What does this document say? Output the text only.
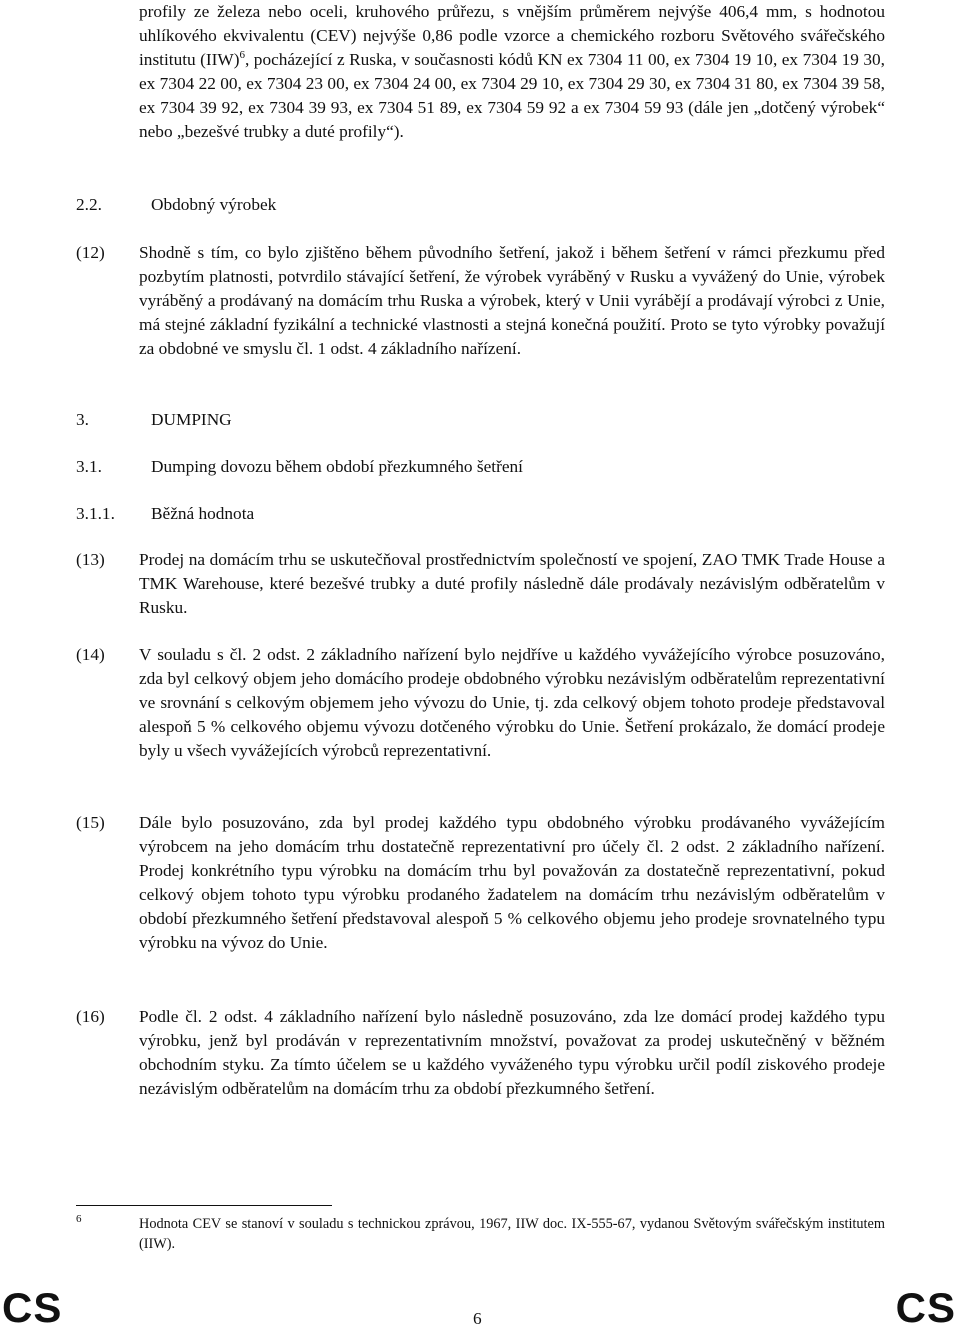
profily ze železa nebo oceli, kruhového průřezu, s vnějším průměrem nejvýše 406,4 mm, s hodnotou uhlíkového ekvivalentu (CEV) nejvýše 0,86 podle vzorce a chemického rozboru Světového svářečského institutu (IIW)$^6$, pocházející z Ruska, v současnosti kódů KN ex 7304 11 00, ex 7304 19 10, ex 7304 19 30, ex 7304 22 00, ex 7304 23 00, ex 7304 24 00, ex 7304 29 10, ex 7304 29 30, ex 7304 31 80, ex 7304 39 58, ex 7304 39 92, ex 7304 39 93, ex 7304 51 89, ex 7304 59 92 a ex 7304 59 93 (dále jen „dotčený výrobek“ nebo „bezešvé trubky a duté profily“).
2.2.	Obdobný výrobek
(12) Shodně s tím, co bylo zjištěno během původního šetření, jakož i během šetření v rámci přezkumu před pozbytím platnosti, potvrdilo stávající šetření, že výrobek vyráběný v Rusku a vyvážený do Unie, výrobek vyráběný a prodávaný na domácím trhu Ruska a výrobek, který v Unii vyrábějí a prodávají výrobci z Unie, má stejné základní fyzikální a technické vlastnosti a stejná konečná použití. Proto se tyto výrobky považují za obdobné ve smyslu čl. 1 odst. 4 základního nařízení.
3.	DUMPING
3.1.	Dumping dovozu během období přezkumného šetření
3.1.1. Běžná hodnota
(13) Prodej na domácím trhu se uskutečňoval prostřednictvím společností ve spojení, ZAO TMK Trade House a TMK Warehouse, které bezešvé trubky a duté profily následně dále prodávaly nezávislým odběratelům v Rusku.
(14) V souladu s čl. 2 odst. 2 základního nařízení bylo nejdříve u každého vyvážejícího výrobce posuzováno, zda byl celkový objem jeho domácího prodeje obdobného výrobku nezávislým odběratelům reprezentativní ve srovnání s celkovým objemem jeho vývozu do Unie, tj. zda celkový objem tohoto prodeje představoval alespoň 5 % celkového objemu vývozu dotčeného výrobku do Unie. Šetření prokázalo, že domácí prodeje byly u všech vyvážejících výrobců reprezentativní.
(15) Dále bylo posuzováno, zda byl prodej každého typu obdobného výrobku prodávaného vyvážejícím výrobcem na jeho domácím trhu dostatečně reprezentativní pro účely čl. 2 odst. 2 základního nařízení. Prodej konkrétního typu výrobku na domácím trhu byl považován za dostatečně reprezentativní, pokud celkový objem tohoto typu výrobku prodaného žadatelem na domácím trhu nezávislým odběratelům v období přezkumného šetření představoval alespoň 5 % celkového objemu jeho prodeje srovnatelného typu výrobku na vývoz do Unie.
(16) Podle čl. 2 odst. 4 základního nařízení bylo následně posuzováno, zda lze domácí prodej každého typu výrobku, jenž byl prodáván v reprezentativním množství, považovat za prodej uskutečněný v běžném obchodním styku. Za tímto účelem se u každého vyváženého typu výrobku určil podíl ziskového prodeje nezávislým odběratelům na domácím trhu za období přezkumného šetření.
6	Hodnota CEV se stanoví v souladu s technickou zprávou, 1967, IIW doc. IX-555-67, vydanou Světovým svářečským institutem (IIW).
CS	6	CS
